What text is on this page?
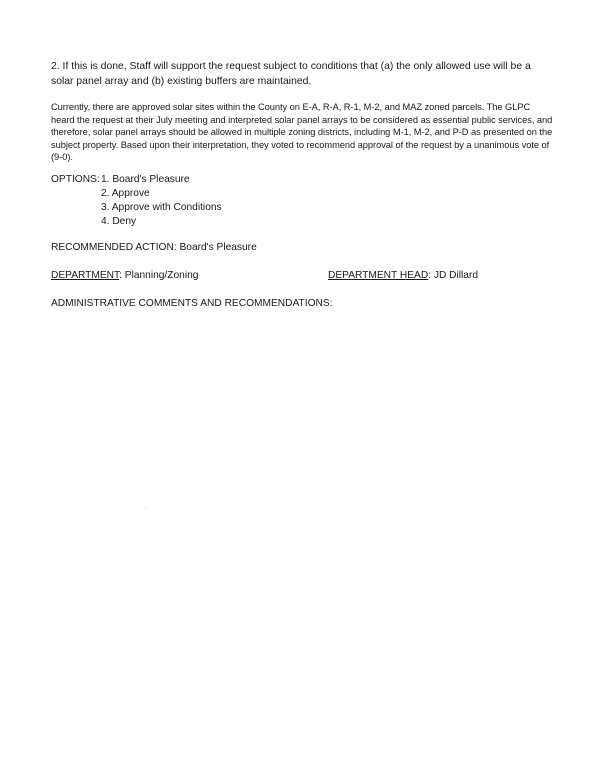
2. If this is done, Staff will support the request subject to conditions that (a) the only allowed use will be a solar panel array and (b) existing buffers are maintained.

Currently, there are approved solar sites within the County on E-A, R-A, R-1, M-2, and MAZ zoned parcels. The GLPC heard the request at their July meeting and interpreted solar panel arrays to be considered as essential public services, and therefore, solar panel arrays should be allowed in multiple zoning districts, including M-1, M-2, and P-D as presented on the subject property. Based upon their interpretation, they voted to recommend approval of the request by a unanimous vote of (9-0).

OPTIONS: 1. Board's Pleasure
2. Approve
3. Approve with Conditions
4. Deny
RECOMMENDED ACTION: Board's Pleasure
DEPARTMENT: Planning/Zoning	DEPARTMENT HEAD: JD Dillard
ADMINISTRATIVE COMMENTS AND RECOMMENDATIONS:
